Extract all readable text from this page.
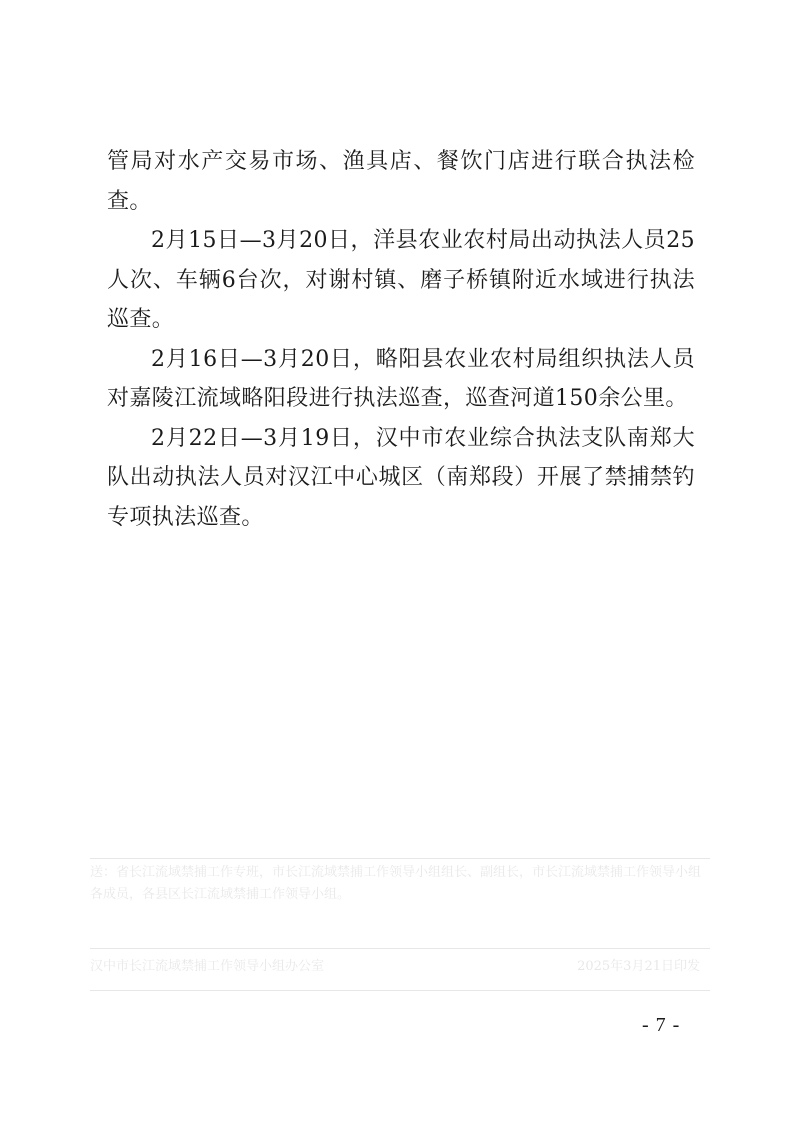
管局对水产交易市场、渔具店、餐饮门店进行联合执法检查。

2月15日—3月20日，洋县农业农村局出动执法人员25人次、车辆6台次，对谢村镇、磨子桥镇附近水域进行执法巡查。

2月16日—3月20日，略阳县农业农村局组织执法人员对嘉陵江流域略阳段进行执法巡查，巡查河道150余公里。

2月22日—3月19日，汉中市农业综合执法支队南郑大队出动执法人员对汉江中心城区（南郑段）开展了禁捕禁钓专项执法巡查。

送：省长江流域禁捕工作专班，市长江流域禁捕工作领导小组组长、副组长，市长江流域禁捕工作领导小组各成员，各县区长江流域禁捕工作领导小组。
汉中市长江流域禁捕工作领导小组办公室	2025年3月21日印发
- 7 -
